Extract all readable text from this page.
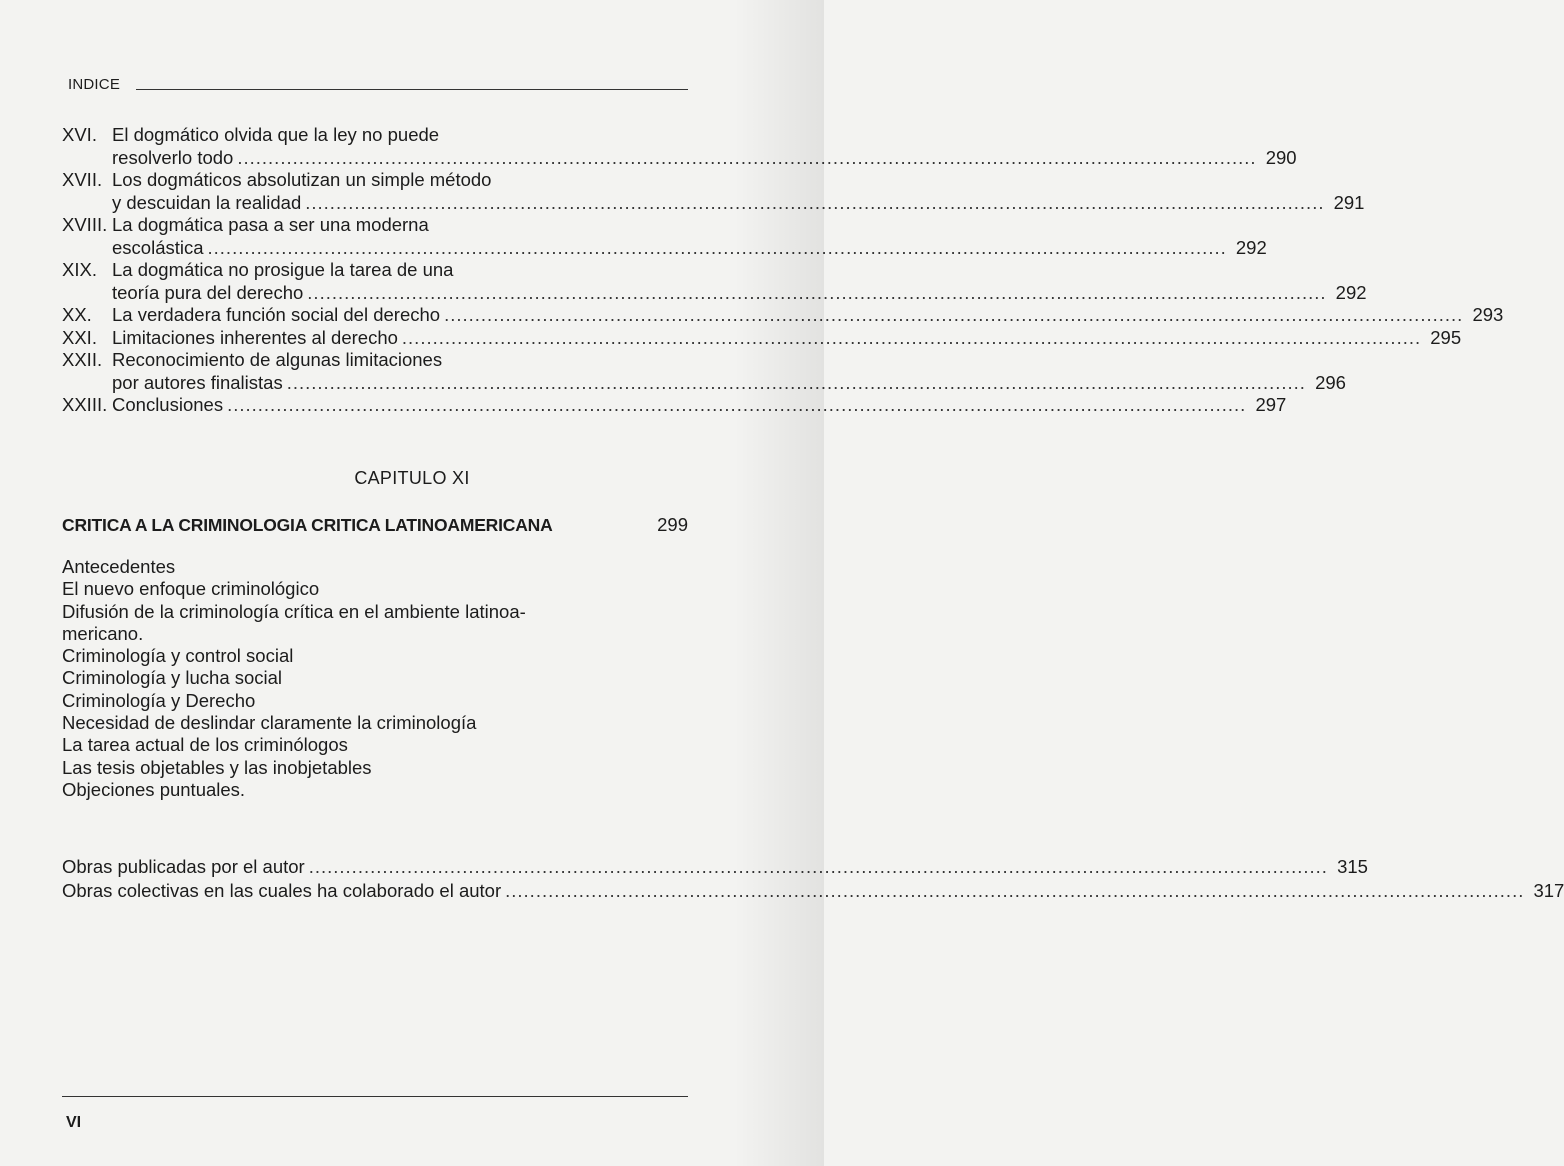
INDICE
XVI. El dogmático olvida que la ley no puede
resolverlo todo .....	290
XVII. Los dogmáticos absolutizan un simple método
y descuidan la realidad .....	291
XVIII. La dogmática pasa a ser una moderna
escolástica .....	292
XIX. La dogmática no prosigue la tarea de una
teoría pura del derecho .....	292
XX.	La verdadera función social del derecho .....	293
XXI. Limitaciones inherentes al derecho .....	295
XXII. Reconocimiento de algunas limitaciones
por autores finalistas .....	296
XXIII. Conclusiones .....	297
CAPITULO XI
CRITICA A LA CRIMINOLOGIA CRITICA LATINOAMERICANA	299
Antecedentes
El nuevo enfoque criminológico
Difusión de la criminología crítica en el ambiente latinoa-
mericano.
Criminología y control social
Criminología y lucha social
Criminología y Derecho
Necesidad de deslindar claramente la criminología
La tarea actual de los criminólogos
Las tesis objetables y las inobjetables
Objeciones puntuales.
Obras publicadas por el autor .....	315
Obras colectivas en las cuales ha colaborado el autor .....	317
VI
